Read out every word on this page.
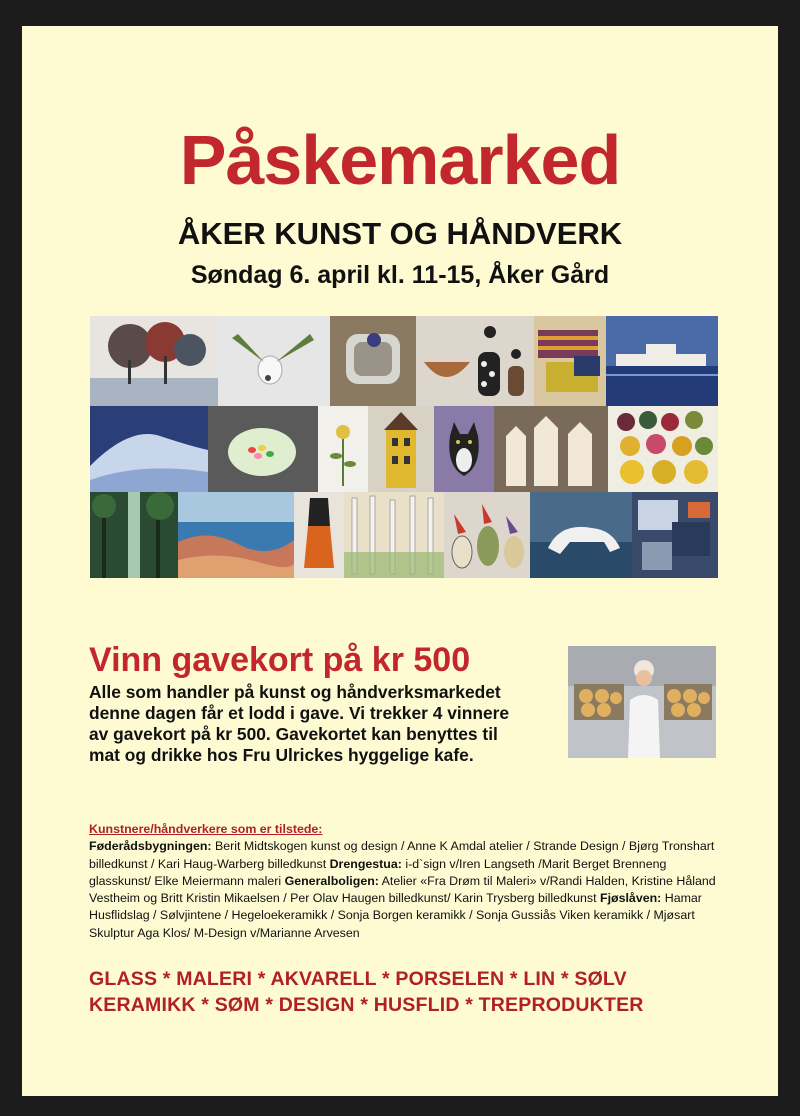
Påskemarked
ÅKER KUNST OG HÅNDVERK
Søndag 6. april kl. 11-15, Åker Gård
Vinn gavekort på kr 500
Alle som handler på kunst og håndverksmarkedet
denne dagen får et lodd i gave. Vi trekker 4 vinnere
av gavekort på kr 500. Gavekortet kan benyttes til
mat og drikke hos Fru Ulrickes hyggelige kafe.
Kunstnere/håndverkere som er tilstede:
Føderådsbygningen: Berit Midtskogen kunst og design / Anne K Amdal atelier / Strande Design / Bjørg Tronshart billedkunst / Kari Haug-Warberg billedkunst Drengestua: i-d`sign v/Iren Langseth /Marit Berget Brenneng glasskunst/ Elke Meiermann maleri Generalboligen: Atelier «Fra Drøm til Maleri» v/Randi Halden, Kristine Håland Vestheim og Britt Kristin Mikaelsen / Per Olav Haugen billedkunst/ Karin Trysberg billedkunst Fjøslåven: Hamar Husflidslag / Sølvjintene / Hegeloekeramikk / Sonja Borgen keramikk / Sonja Gussiås Viken keramikk / Mjøsart Skulptur Aga Klos/ M-Design v/Marianne Arvesen
GLASS * MALERI * AKVARELL * PORSELEN * LIN * SØLV
KERAMIKK * SØM * DESIGN * HUSFLID * TREPRODUKTER
